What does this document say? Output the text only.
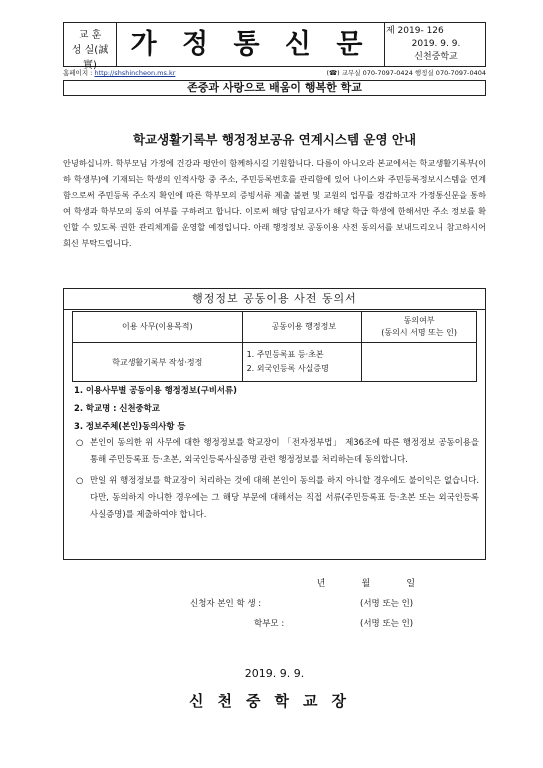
교 훈
성 실(誠 實)
가 정 통 신 문	제 2019- 126
2019. 9. 9.
신천중학교
홈페이지 : http://shshincheon.ms.kr	(☎) 교무실 070-7097-0424 행정실 070-7097-0404
존중과 사랑으로 배움이 행복한 학교
학교생활기록부 행정정보공유 연계시스템 운영 안내
안녕하십니까. 학부모님 가정에 건강과 평안이 함께하시길 기원합니다. 다름이 아니오라 본교에서는 학교생활기록부(이하 학생부)에 기재되는 학생의 인적사항 중 주소, 주민등록번호를 관리함에 있어 나이스와 주민등록정보시스템을 연계함으로써 주민등록 주소지 확인에 따른 학부모의 증빙서류 제출 불편 및 교원의 업무를 경감하고자 가정통신문을 통하여 학생과 학부모의 동의 여부를 구하려고 합니다. 이로써 해당 담임교사가 해당 학급 학생에 한해서만 주소 정보를 확인할 수 있도록 권한 관리체계를 운영할 예정입니다. 아래 행정정보 공동이용 사전 동의서를 보내드리오니 참고하시어 회신 부탁드립니다.
행정정보 공동이용 사전 동의서
이용 사무(이용목적)	공동이용 행정정보	동의여부
(동의시 서명 또는 인)

학교생활기록부 작성·정정	1. 주민등록표 등·초본
2. 외국인등록 사실증명	

1. 이용사무별 공동이용 행정정보(구비서류)
2. 학교명 : 신천중학교
3. 정보주체(본인)동의사항 등
○ 본인이 동의한 위 사무에 대한 행정정보를 학교장이 「전자정부법」 제36조에 따른 행정정보 공동이용을 통해 주민등록표 등·초본, 외국인등록사실증명 관련 행정정보를 처리하는데 동의합니다.
○ 만일 위 행정정보를 학교장이 처리하는 것에 대해 본인이 동의를 하지 아니할 경우에도 불이익은 없습니다. 다만, 동의하지 아니한 경우에는 그 해당 부문에 대해서는 직접 서류(주민등록표 등·초본 또는 외국인등록 사실증명)를 제출하여야 합니다.
년	월	일
신청자 본인 학 생 :	(서명 또는 인)
학부모 :	(서명 또는 인)
2019. 9. 9.
신천중학교장
